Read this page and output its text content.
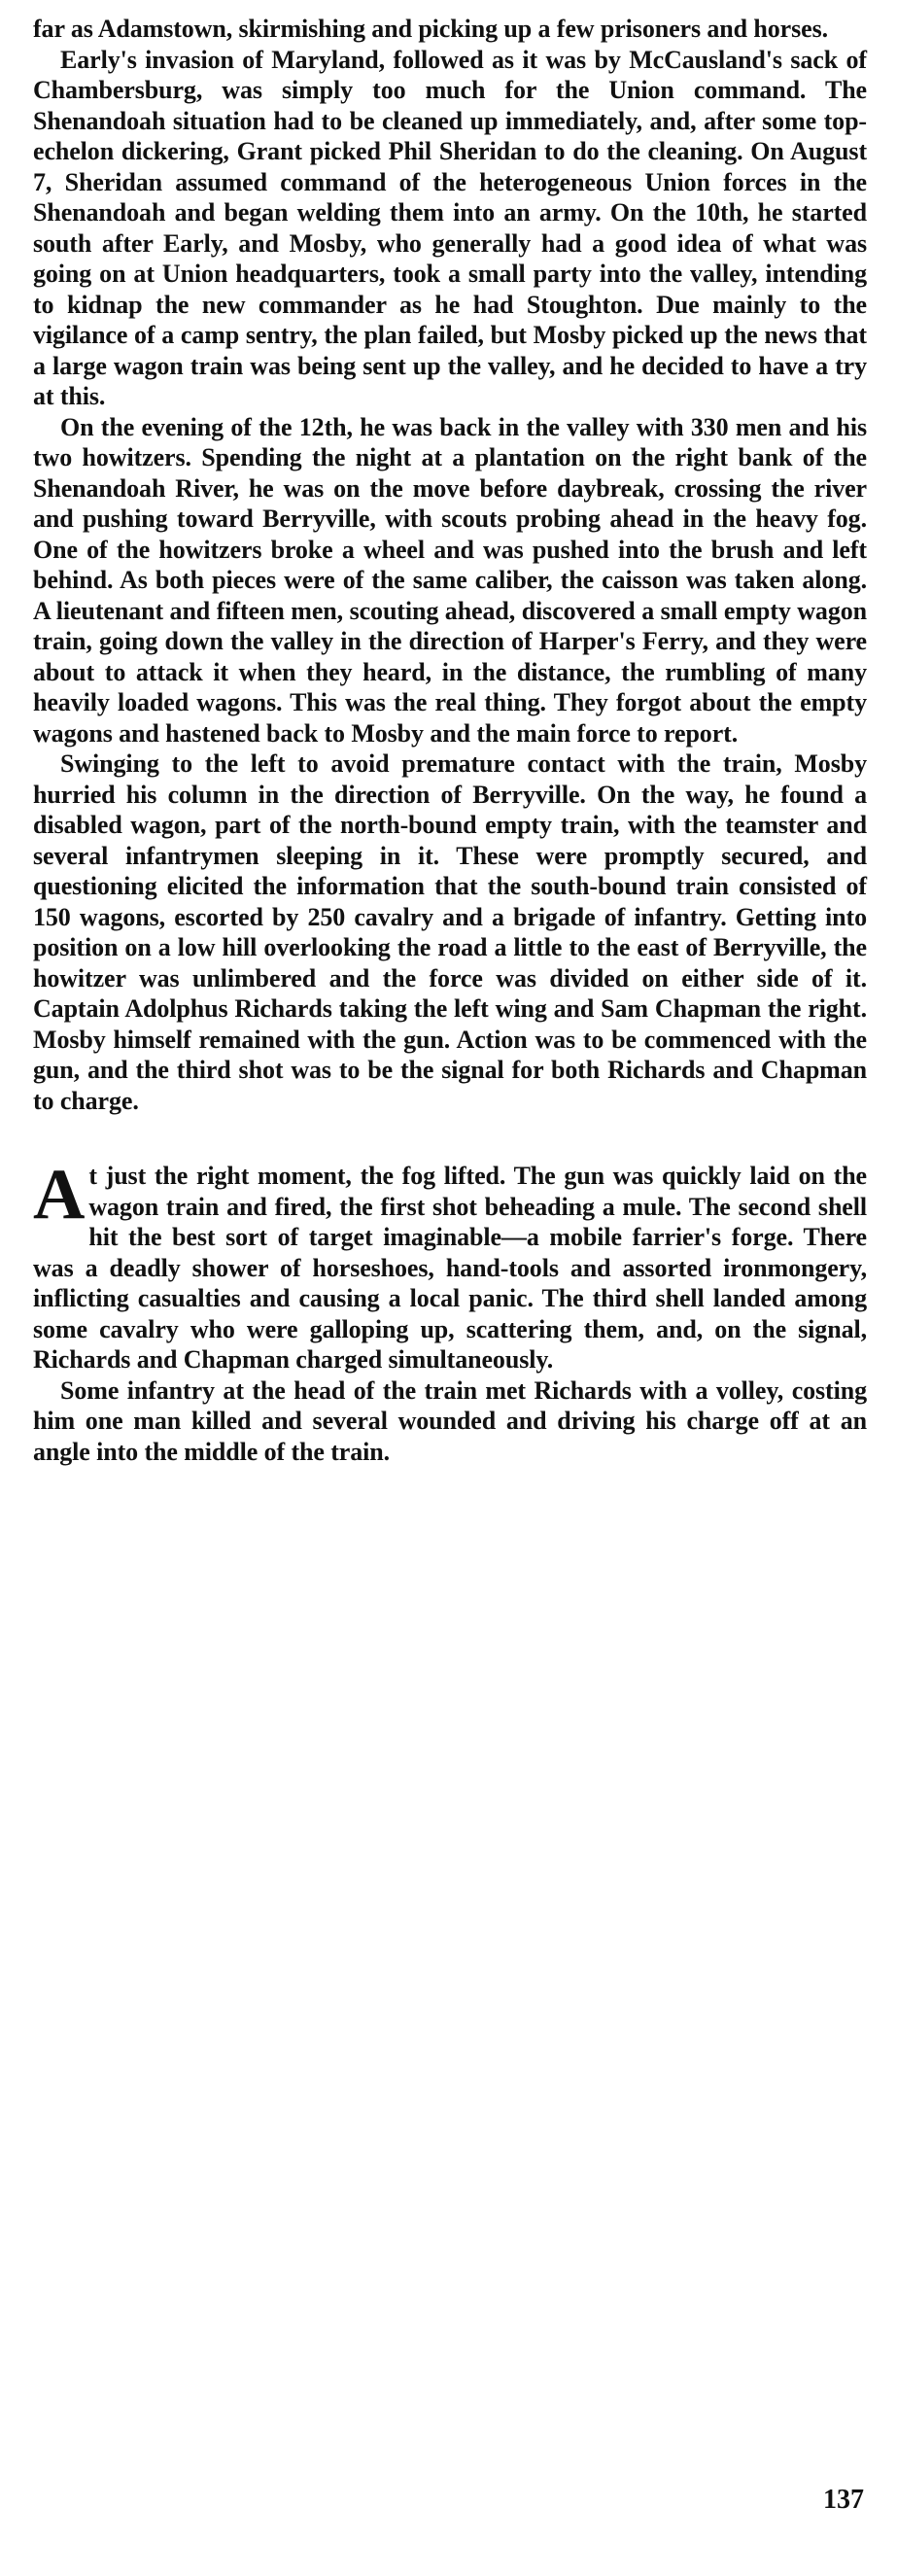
far as Adamstown, skirmishing and picking up a few prisoners and horses.

Early's invasion of Maryland, followed as it was by McCausland's sack of Chambersburg, was simply too much for the Union command. The Shenandoah situation had to be cleaned up immediately, and, after some top-echelon dickering, Grant picked Phil Sheridan to do the cleaning. On August 7, Sheridan assumed command of the heterogeneous Union forces in the Shenandoah and began welding them into an army. On the 10th, he started south after Early, and Mosby, who generally had a good idea of what was going on at Union headquarters, took a small party into the valley, intending to kidnap the new commander as he had Stoughton. Due mainly to the vigilance of a camp sentry, the plan failed, but Mosby picked up the news that a large wagon train was being sent up the valley, and he decided to have a try at this.

On the evening of the 12th, he was back in the valley with 330 men and his two howitzers. Spending the night at a plantation on the right bank of the Shenandoah River, he was on the move before daybreak, crossing the river and pushing toward Berryville, with scouts probing ahead in the heavy fog. One of the howitzers broke a wheel and was pushed into the brush and left behind. As both pieces were of the same caliber, the caisson was taken along. A lieutenant and fifteen men, scouting ahead, discovered a small empty wagon train, going down the valley in the direction of Harper's Ferry, and they were about to attack it when they heard, in the distance, the rumbling of many heavily loaded wagons. This was the real thing. They forgot about the empty wagons and hastened back to Mosby and the main force to report.

Swinging to the left to avoid premature contact with the train, Mosby hurried his column in the direction of Berryville. On the way, he found a disabled wagon, part of the north-bound empty train, with the teamster and several infantrymen sleeping in it. These were promptly secured, and questioning elicited the information that the south-bound train consisted of 150 wagons, escorted by 250 cavalry and a brigade of infantry. Getting into position on a low hill overlooking the road a little to the east of Berryville, the howitzer was unlimbered and the force was divided on either side of it. Captain Adolphus Richards taking the left wing and Sam Chapman the right. Mosby himself remained with the gun. Action was to be commenced with the gun, and the third shot was to be the signal for both Richards and Chapman to charge.

At just the right moment, the fog lifted. The gun was quickly laid on the wagon train and fired, the first shot beheading a mule. The second shell hit the best sort of target imaginable—a mobile farrier's forge. There was a deadly shower of horseshoes, hand-tools and assorted ironmongery, inflicting casualties and causing a local panic. The third shell landed among some cavalry who were galloping up, scattering them, and, on the signal, Richards and Chapman charged simultaneously.

Some infantry at the head of the train met Richards with a volley, costing him one man killed and several wounded and driving his charge off at an angle into the middle of the train.

137
